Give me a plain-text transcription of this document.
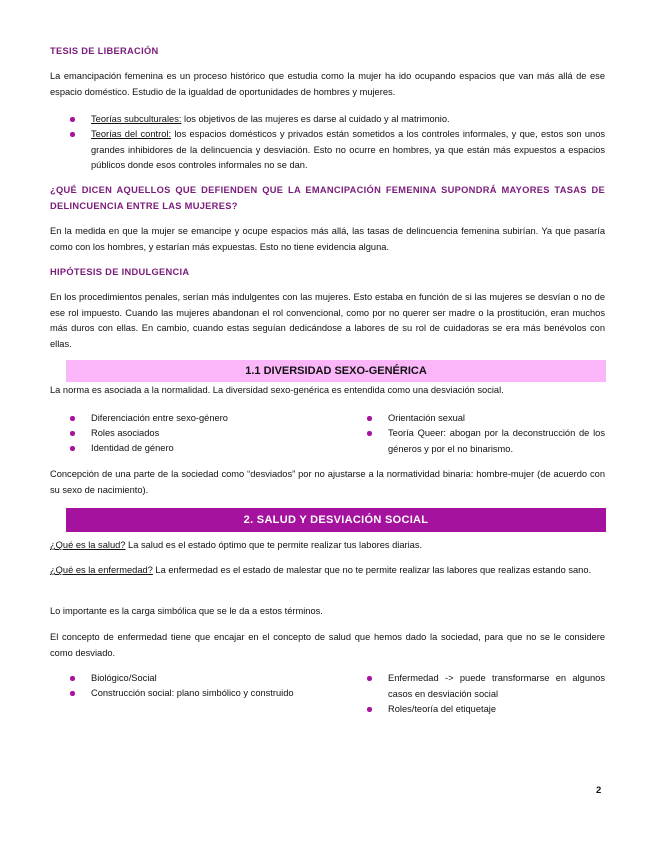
TESIS DE LIBERACIÓN

La emancipación femenina es un proceso histórico que estudia como la mujer ha ido ocupando espacios que van más allá de ese espacio doméstico. Estudio de la igualdad de oportunidades de hombres y mujeres.

Teorías subculturales: los objetivos de las mujeres es darse al cuidado y al matrimonio.
Teorías del control: los espacios domésticos y privados están sometidos a los controles informales, y que, estos son unos grandes inhibidores de la delincuencia y desviación. Esto no ocurre en hombres, ya que están más expuestos a espacios públicos donde esos controles informales no se dan.

¿QUÉ DICEN AQUELLOS QUE DEFIENDEN QUE LA EMANCIPACIÓN FEMENINA SUPONDRÁ MAYORES TASAS DE DELINCUENCIA ENTRE LAS MUJERES?

En la medida en que la mujer se emancipe y ocupe espacios más allá, las tasas de delincuencia femenina subirían. Ya que pasaría como con los hombres, y estarían más expuestas. Esto no tiene evidencia alguna.

HIPÓTESIS DE INDULGENCIA

En los procedimientos penales, serían más indulgentes con las mujeres. Esto estaba en función de si las mujeres se desvían o no de ese rol impuesto. Cuando las mujeres abandonan el rol convencional, como por no querer ser madre o la prostitución, eran muchos más duros con ellas. En cambio, cuando estas seguían dedicándose a labores de su rol de cuidadoras se era más benévolos con ellas.

1.1 DIVERSIDAD SEXO-GENÉRICA

La norma es asociada a la normalidad. La diversidad sexo-genérica es entendida como una desviación social.

Diferenciación entre sexo-género
Roles asociados
Identidad de género
Orientación sexual
Teoría Queer: abogan por la deconstrucción de los géneros y por el no binarismo.

Concepción de una parte de la sociedad como “desviados” por no ajustarse a la normatividad binaria: hombre-mujer (de acuerdo con su sexo de nacimiento).

2. SALUD Y DESVIACIÓN SOCIAL

¿Qué es la salud? La salud es el estado óptimo que te permite realizar tus labores diarias.

¿Qué es la enfermedad? La enfermedad es el estado de malestar que no te permite realizar las labores que realizas estando sano.

Lo importante es la carga simbólica que se le da a estos términos.

El concepto de enfermedad tiene que encajar en el concepto de salud que hemos dado la sociedad, para que no se le considere como desviado.

Biológico/Social
Construcción social: plano simbólico y construido
Enfermedad -> puede transformarse en algunos casos en desviación social
Roles/teoría del etiquetaje
2
